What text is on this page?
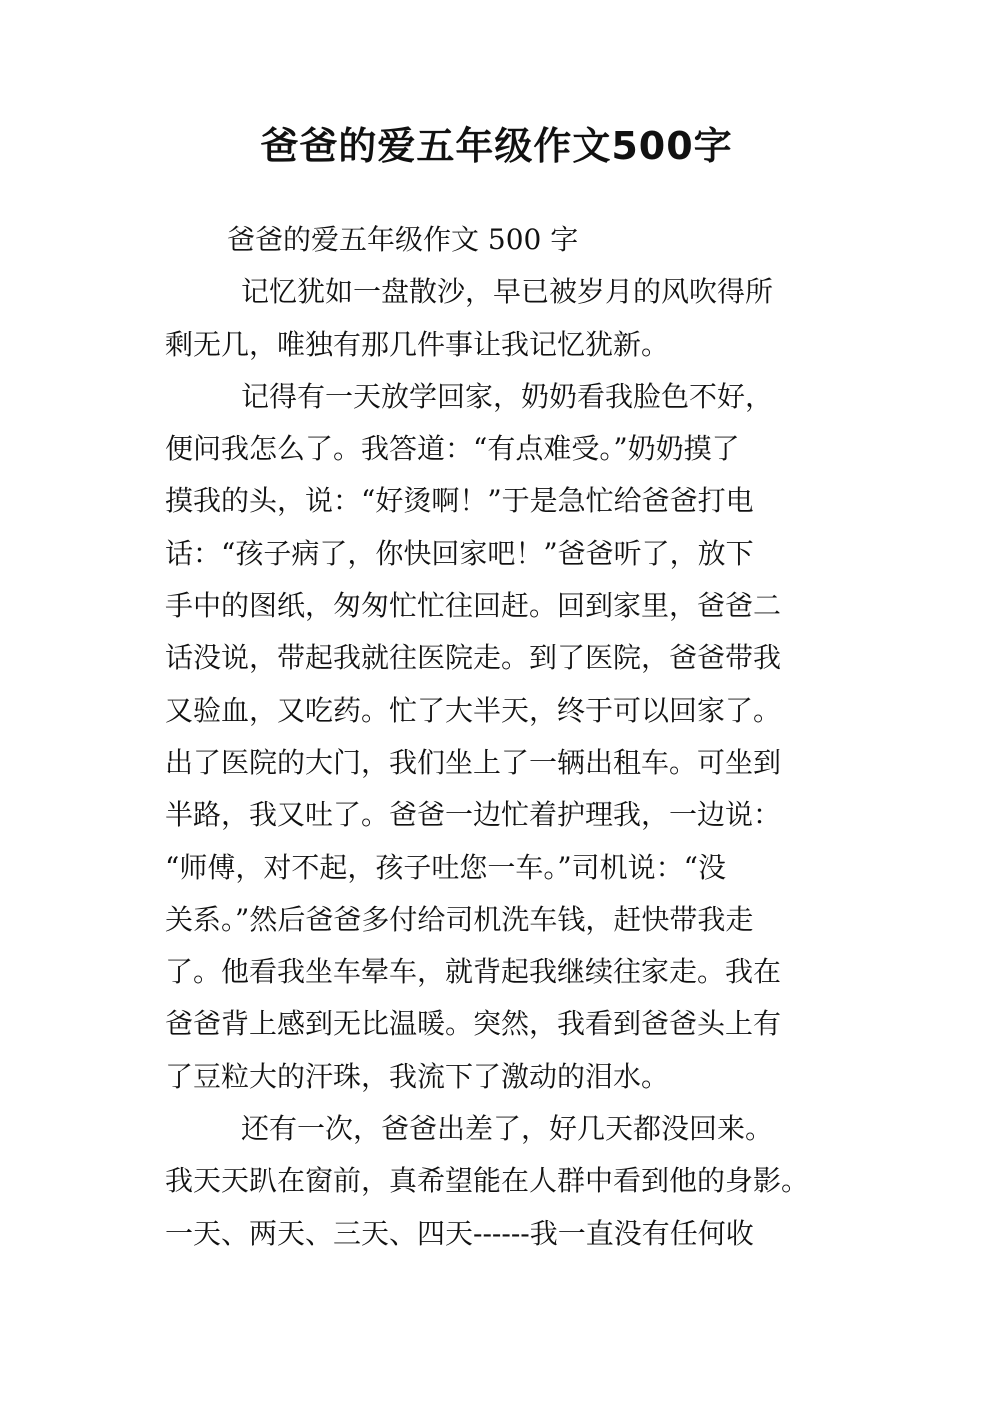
爸爸的爱五年级作文500字
爸爸的爱五年级作文 500 字
记忆犹如一盘散沙，早已被岁月的风吹得所
剩无几，唯独有那几件事让我记忆犹新。
记得有一天放学回家，奶奶看我脸色不好，
便问我怎么了。我答道：“有点难受。”奶奶摸了
摸我的头，说：“好烫啊！”于是急忙给爸爸打电
话：“孩子病了，你快回家吧！”爸爸听了，放下
手中的图纸，匆匆忙忙往回赶。回到家里，爸爸二
话没说，带起我就往医院走。到了医院，爸爸带我
又验血，又吃药。忙了大半天，终于可以回家了。
出了医院的大门，我们坐上了一辆出租车。可坐到
半路，我又吐了。爸爸一边忙着护理我，一边说：
“师傅，对不起，孩子吐您一车。”司机说：“没
关系。”然后爸爸多付给司机洗车钱，赶快带我走
了。他看我坐车晕车，就背起我继续往家走。我在
爸爸背上感到无比温暖。突然，我看到爸爸头上有
了豆粒大的汗珠，我流下了激动的泪水。
还有一次，爸爸出差了，好几天都没回来。
我天天趴在窗前，真希望能在人群中看到他的身影。
一天、两天、三天、四天------我一直没有任何收
